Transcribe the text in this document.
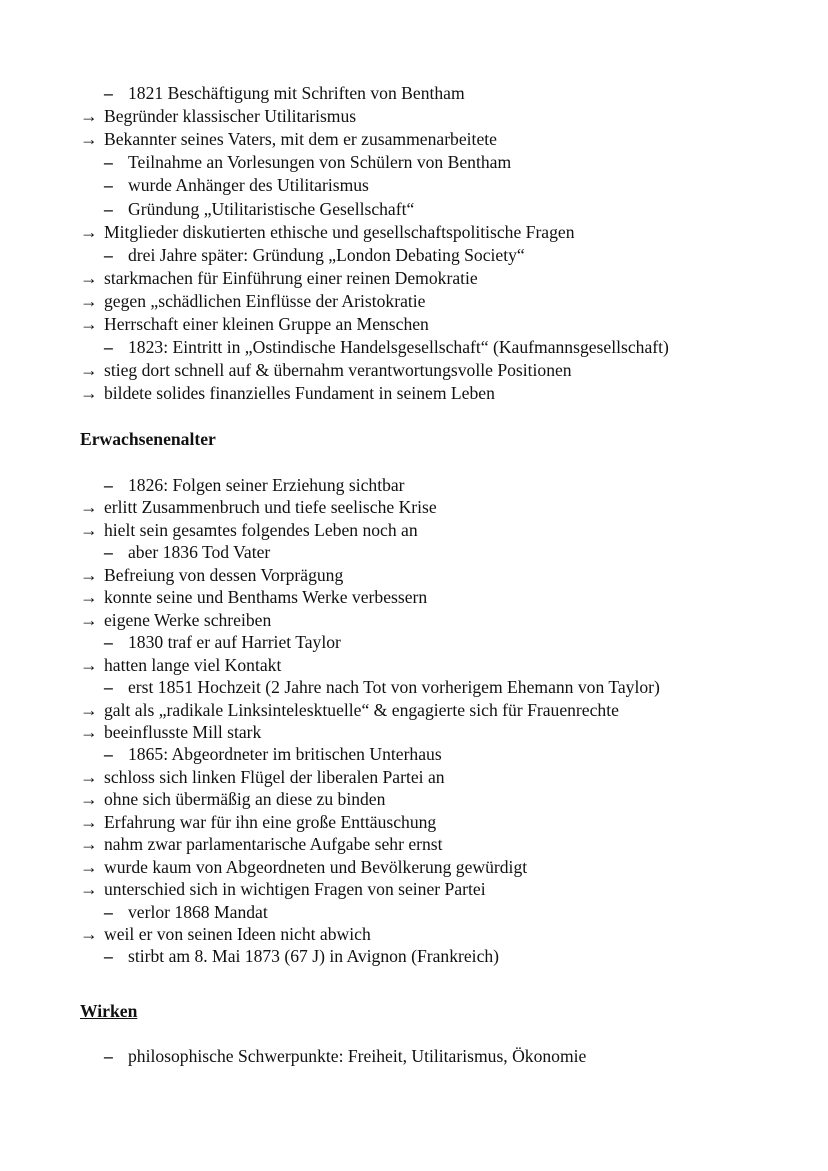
– 1821 Beschäftigung mit Schriften von Bentham
→ Begründer klassischer Utilitarismus
→ Bekannter seines Vaters, mit dem er zusammenarbeitete
– Teilnahme an Vorlesungen von Schülern von Bentham
– wurde Anhänger des Utilitarismus
– Gründung „Utilitaristische Gesellschaft“
→ Mitglieder diskutierten ethische und gesellschaftspolitische Fragen
– drei Jahre später: Gründung „London Debating Society“
→ starkmachen für Einführung einer reinen Demokratie
→ gegen „schädlichen Einflüsse der Aristokratie
→ Herrschaft einer kleinen Gruppe an Menschen
– 1823: Eintritt in „Ostindische Handelsgesellschaft“ (Kaufmannsgesellschaft)
→ stieg dort schnell auf & übernahm verantwortungsvolle Positionen
→ bildete solides finanzielles Fundament in seinem Leben
Erwachsenenalter
– 1826: Folgen seiner Erziehung sichtbar
→ erlitt Zusammenbruch und tiefe seelische Krise
→ hielt sein gesamtes folgendes Leben noch an
– aber 1836 Tod Vater
→ Befreiung von dessen Vorprägung
→ konnte seine und Benthams Werke verbessern
→ eigene Werke schreiben
– 1830 traf er auf Harriet Taylor
→ hatten lange viel Kontakt
– erst 1851 Hochzeit (2 Jahre nach Tot von vorherigem Ehemann von Taylor)
→ galt als „radikale Linksintelesktuelle“ & engagierte sich für Frauenrechte
→ beeinflusste Mill stark
– 1865: Abgeordneter im britischen Unterhaus
→ schloss sich linken Flügel der liberalen Partei an
→ ohne sich übermäßig an diese zu binden
→ Erfahrung war für ihn eine große Enttäuschung
→ nahm zwar parlamentarische Aufgabe sehr ernst
→ wurde kaum von Abgeordneten und Bevölkerung gewürdigt
→ unterschied sich in wichtigen Fragen von seiner Partei
– verlor 1868 Mandat
→ weil er von seinen Ideen nicht abwich
– stirbt am 8. Mai 1873 (67 J) in Avignon (Frankreich)
Wirken
– philosophische Schwerpunkte: Freiheit, Utilitarismus, Ökonomie
